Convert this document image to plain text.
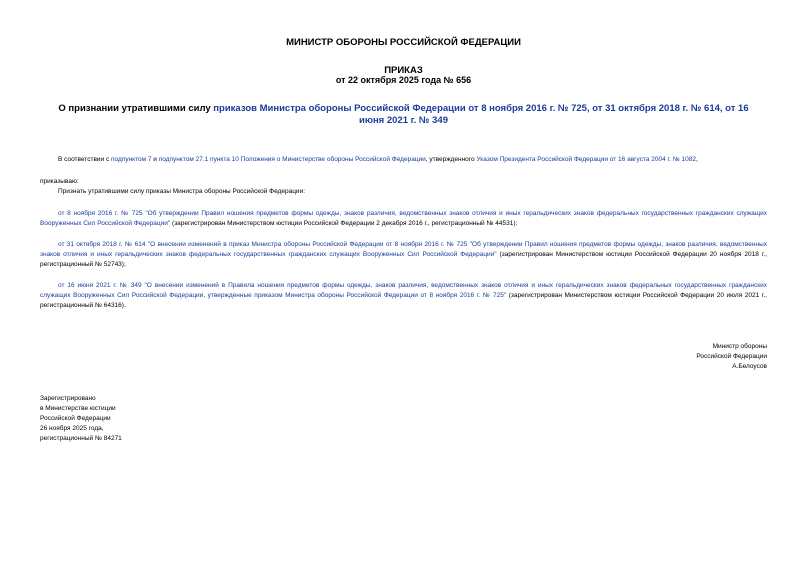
МИНИСТР ОБОРОНЫ РОССИЙСКОЙ ФЕДЕРАЦИИ
ПРИКАЗ
от 22 октября 2025 года № 656
О признании утратившими силу приказов Министра обороны Российской Федерации от 8 ноября 2016 г. № 725, от 31 октября 2018 г. № 614, от 16 июня 2021 г. № 349
В соответствии с подпунктом 7 и подпунктом 27.1 пункта 10 Положения о Министерстве обороны Российской Федерации, утвержденного Указом Президента Российской Федерации от 16 августа 2004 г. № 1082,
приказываю:
Признать утратившими силу приказы Министра обороны Российской Федерации:
от 8 ноября 2016 г. № 725 "Об утверждении Правил ношения предметов формы одежды, знаков различия, ведомственных знаков отличия и иных геральдических знаков федеральных государственных гражданских служащих Вооруженных Сил Российской Федерации" (зарегистрирован Министерством юстиции Российской Федерации 2 декабря 2016 г., регистрационный № 44531);
от 31 октября 2018 г. № 614 "О внесении изменений в приказ Министра обороны Российской Федерации от 8 ноября 2016 г. № 725 "Об утверждении Правил ношения предметов формы одежды, знаков различия, ведомственных знаков отличия и иных геральдических знаков федеральных государственных гражданских служащих Вооруженных Сил Российской Федерации" (зарегистрирован Министерством юстиции Российской Федерации 20 ноября 2018 г., регистрационный № 52743);
от 16 июня 2021 г. № 349 "О внесении изменений в Правила ношения предметов формы одежды, знаков различия, ведомственных знаков отличия и иных геральдических знаков федеральных государственных гражданских служащих Вооруженных Сил Российской Федерации, утвержденные приказом Министра обороны Российской Федерации от 8 ноября 2016 г. № 725" (зарегистрирован Министерством юстиции Российской Федерации 20 июля 2021 г., регистрационный № 64316).
Министр обороны
Российской Федерации
А.Белоусов
Зарегистрировано
в Министерстве юстиции
Российской Федерации
26 ноября 2025 года,
регистрационный № 84271
